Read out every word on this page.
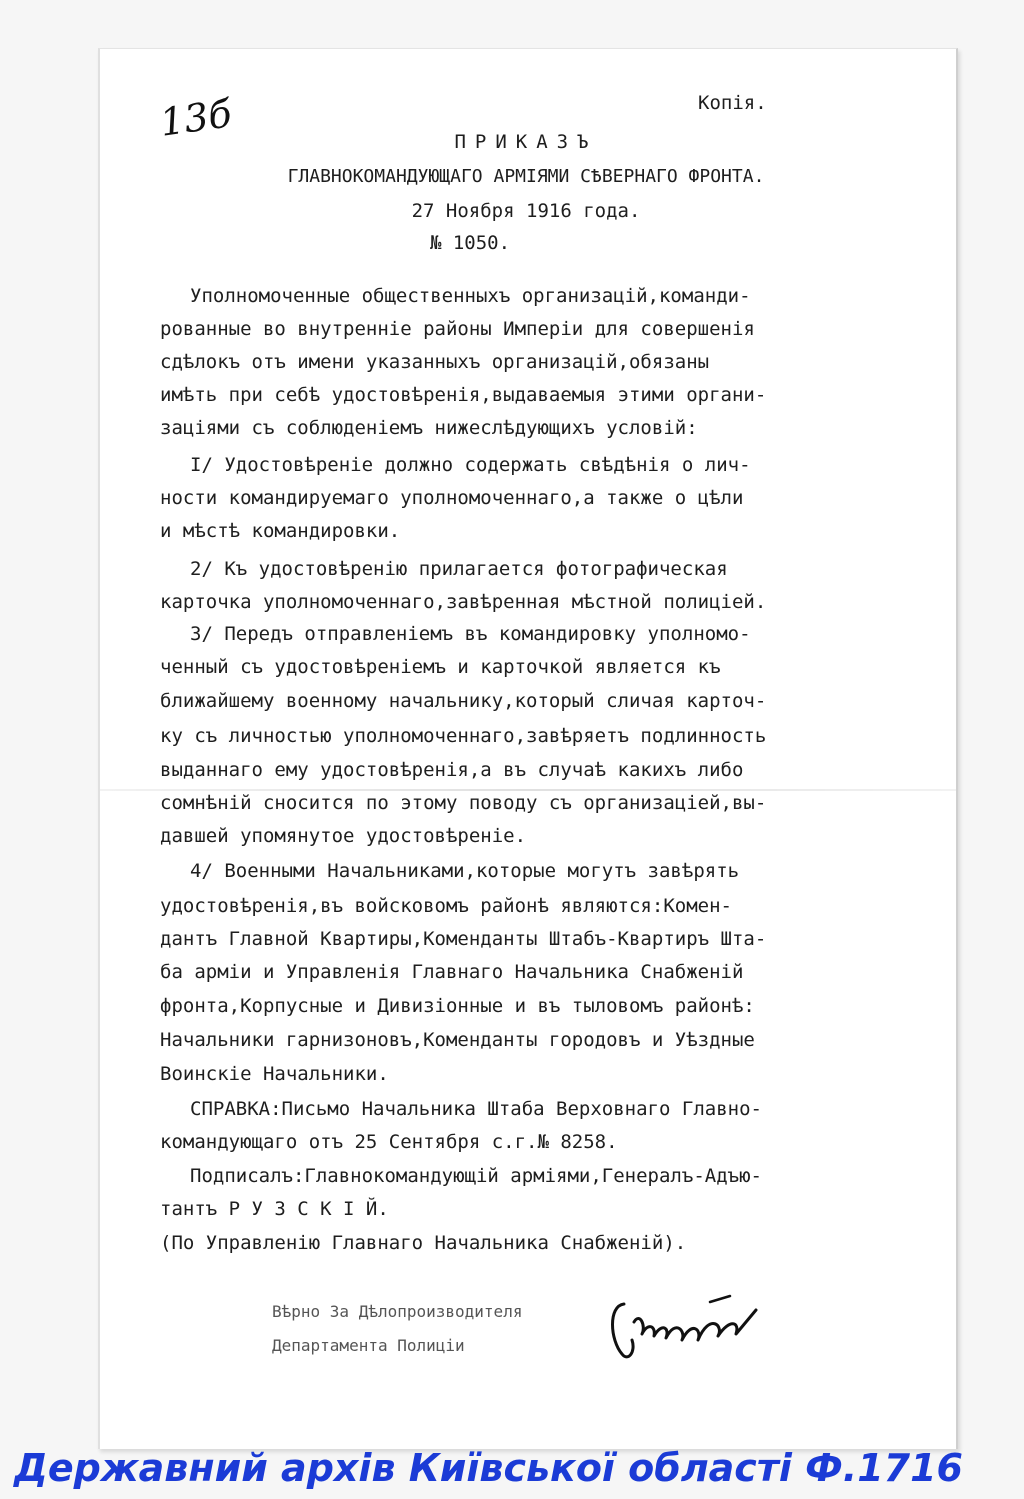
13б	Копія.
ПРИКАЗЪ
ГЛАВНОКОМАНДУЮЩАГО АРМІЯМИ СѢВЕРНАГО ФРОНТА.
27 Ноября 1916 года.
№ 1050.
Уполномоченные общественныхъ организацій,команди-
рованные во внутренніе районы Имперіи для совершенія
сдѣлокъ отъ имени указанныхъ организацій,обязаны
имѣть при себѣ удостовѣренія,выдаваемыя этими органи-
заціями съ соблюденіемъ нижеслѣдующихъ условій:
І/ Удостовѣреніе должно содержать свѣдѣнія о лич-
ности командируемаго уполномоченнаго,а также о цѣли
и мѣстѣ командировки.
2/ Къ удостовѣренію прилагается фотографическая
карточка уполномоченнаго,завѣренная мѣстной полиціей.
3/ Передъ отправленіемъ въ командировку уполномо-
ченный съ удостовѣреніемъ и карточкой является къ
ближайшему военному начальнику,который сличая карточ-
ку съ личностью уполномоченнаго,завѣряетъ подлинность
выданнаго ему удостовѣренія,а въ случаѣ какихъ либо
сомнѣній сносится по этому поводу съ организаціей,вы-
давшей упомянутое удостовѣреніе.
4/ Военными Начальниками,которые могутъ завѣрять
удостовѣренія,въ войсковомъ районѣ являются:Комен-
дантъ Главной Квартиры,Коменданты Штабъ-Квартиръ Шта-
ба арміи и Управленія Главнаго Начальника Снабженій
фронта,Корпусные и Дивизіонные и въ тыловомъ районѣ:
Начальники гарнизоновъ,Коменданты городовъ и Уѣздные
Воинскіе Начальники.
СПРАВКА:Письмо Начальника Штаба Верховнаго Главно-
командующаго отъ 25 Сентября с.г.№ 8258.
Подписалъ:Главнокомандующій арміями,Генералъ-Адъю-
тантъ Р У З С К І Й.
(По Управленію Главнаго Начальника Снабженій).
Вѣрно За Дѣлопроизводителя
Департамента Полиціи
Державний архів Київської області Ф.1716
